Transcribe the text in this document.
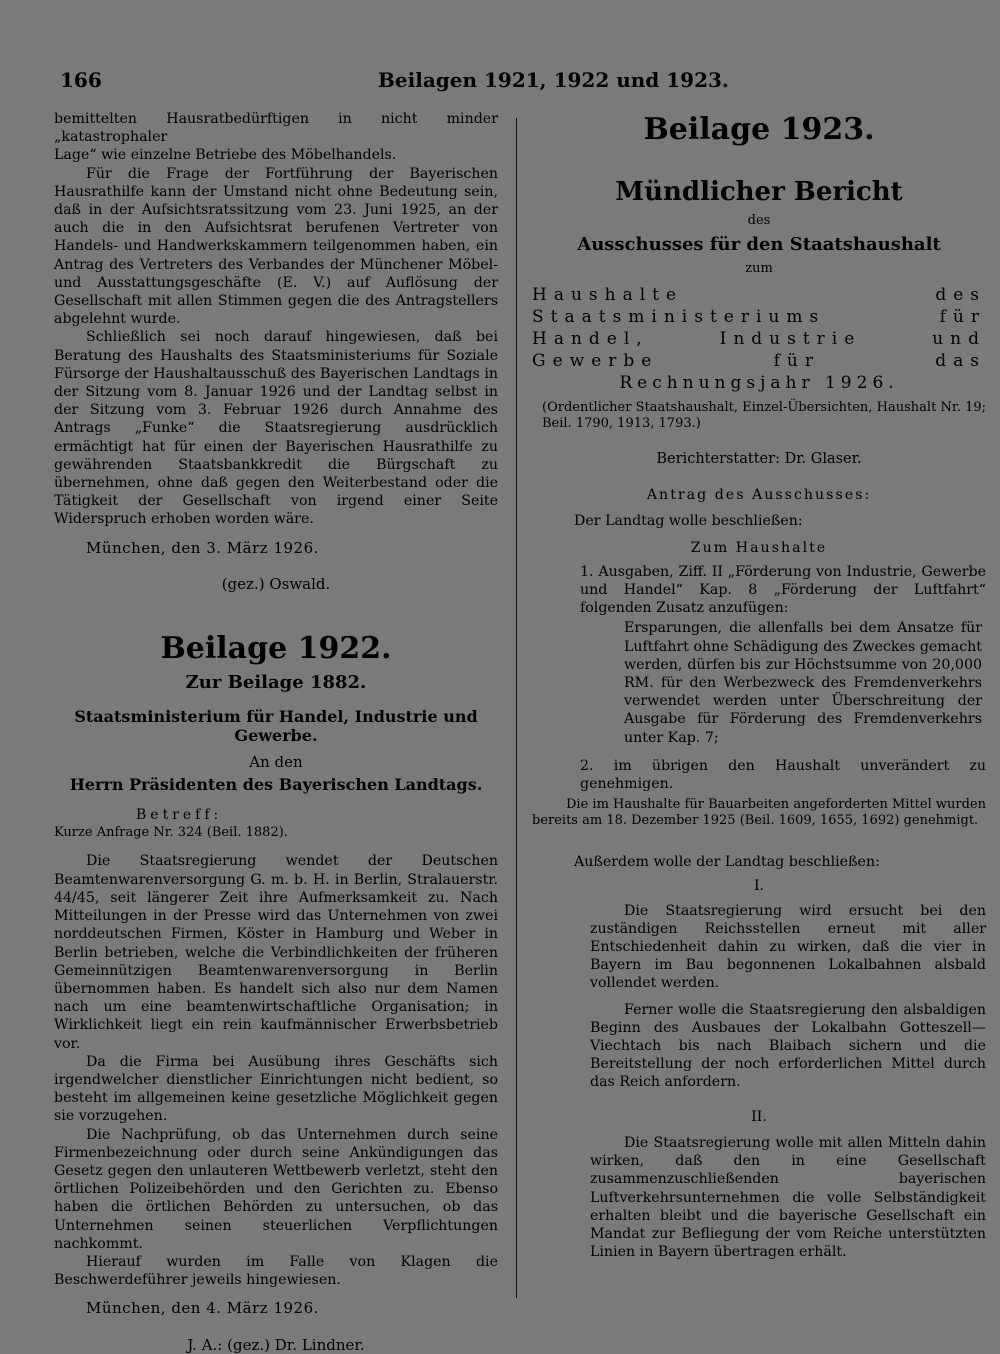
166	Beilagen 1921, 1922 und 1923.

bemittelten Hausratbedürftigen in nicht minder „katastrophaler

Lage“ wie einzelne Betriebe des Möbelhandels.

Für die Frage der Fortführung der Bayerischen Hausrathilfe kann der Umstand nicht ohne Bedeutung sein, daß in der Aufsichtsratssitzung vom 23. Juni 1925, an der auch die in den Aufsichtsrat berufenen Vertreter von Handels- und Handwerkskammern teilgenommen haben, ein Antrag des Vertreters des Verbandes der Münchener Möbel- und Ausstattungsgeschäfte (E. V.) auf Auflösung der Gesellschaft mit allen Stimmen gegen die des Antragstellers abgelehnt wurde.

Schließlich sei noch darauf hingewiesen, daß bei Beratung des Haushalts des Staatsministeriums für Soziale Fürsorge der Haushaltausschuß des Bayerischen Landtags in der Sitzung vom 8. Januar 1926 und der Landtag selbst in der Sitzung vom 3. Februar 1926 durch Annahme des Antrags „Funke“ die Staatsregierung ausdrücklich ermächtigt hat für einen der Bayerischen Hausrathilfe zu gewährenden Staatsbankkredit die Bürgschaft zu übernehmen, ohne daß gegen den Weiterbestand oder die Tätigkeit der Gesellschaft von irgend einer Seite Widerspruch erhoben worden wäre.

München, den 3. März 1926.

(gez.) Oswald.

Beilage 1922.
Zur Beilage 1882.
Staatsministerium für Handel, Industrie und Gewerbe.
An den
Herrn Präsidenten des Bayerischen Landtags.

Betreff:

Kurze Anfrage Nr. 324 (Beil. 1882).

Die Staatsregierung wendet der Deutschen Beamtenwarenversorgung G. m. b. H. in Berlin, Stralauerstr. 44/45, seit längerer Zeit ihre Aufmerksamkeit zu. Nach Mitteilungen in der Presse wird das Unternehmen von zwei norddeutschen Firmen, Köster in Hamburg und Weber in Berlin betrieben, welche die Verbindlichkeiten der früheren Gemeinnützigen Beamtenwarenversorgung in Berlin übernommen haben. Es handelt sich also nur dem Namen nach um eine beamtenwirtschaftliche Organisation; in Wirklichkeit liegt ein rein kaufmännischer Erwerbsbetrieb vor.

Da die Firma bei Ausübung ihres Geschäfts sich irgendwelcher dienstlicher Einrichtungen nicht bedient, so besteht im allgemeinen keine gesetzliche Möglichkeit gegen sie vorzugehen.

Die Nachprüfung, ob das Unternehmen durch seine Firmenbezeichnung oder durch seine Ankündigungen das Gesetz gegen den unlauteren Wettbewerb verletzt, steht den örtlichen Polizeibehörden und den Gerichten zu. Ebenso haben die örtlichen Behörden zu untersuchen, ob das Unternehmen seinen steuerlichen Verpflichtungen nachkommt.

Hierauf wurden im Falle von Klagen die Beschwerdeführer jeweils hingewiesen.

München, den 4. März 1926.

J. A.: (gez.) Dr. Lindner.

Beilage 1923.
Mündlicher Bericht
des
Ausschusses für den Staatshaushalt
zum

Haushalte des Staatsministeriums für

Handel, Industrie und Gewerbe für das

Rechnungsjahr 1926.

(Ordentlicher Staatshaushalt, Einzel-Übersichten, Haushalt Nr. 19; Beil. 1790, 1913, 1793.)

Berichterstatter: Dr. Glaser.

Antrag des Ausschusses:

Der Landtag wolle beschließen:

Zum Haushalte

1. Ausgaben, Ziff. II „Förderung von Industrie, Gewerbe und Handel“ Kap. 8 „Förderung der Luftfahrt“ folgenden Zusatz anzufügen:

Ersparungen, die allenfalls bei dem Ansatze für Luftfahrt ohne Schädigung des Zweckes gemacht werden, dürfen bis zur Höchstsumme von 20,000 RM. für den Werbezweck des Fremdenverkehrs verwendet werden unter Überschreitung der Ausgabe für Förderung des Fremdenverkehrs unter Kap. 7;

2. im übrigen den Haushalt unverändert zu genehmigen.

Die im Haushalte für Bauarbeiten angeforderten Mittel wurden bereits am 18. Dezember 1925 (Beil. 1609, 1655, 1692) genehmigt.

Außerdem wolle der Landtag beschließen:

I.

Die Staatsregierung wird ersucht bei den zuständigen Reichsstellen erneut mit aller Entschiedenheit dahin zu wirken, daß die vier in Bayern im Bau begonnenen Lokalbahnen alsbald vollendet werden.

Ferner wolle die Staatsregierung den alsbaldigen Beginn des Ausbaues der Lokalbahn Gotteszell—Viechtach bis nach Blaibach sichern und die Bereitstellung der noch erforderlichen Mittel durch das Reich anfordern.

II.

Die Staatsregierung wolle mit allen Mitteln dahin wirken, daß den in eine Gesellschaft zusammenzuschließenden bayerischen Luftverkehrsunternehmen die volle Selbständigkeit erhalten bleibt und die bayerische Gesellschaft ein Mandat zur Befliegung der vom Reiche unterstützten Linien in Bayern übertragen erhält.
